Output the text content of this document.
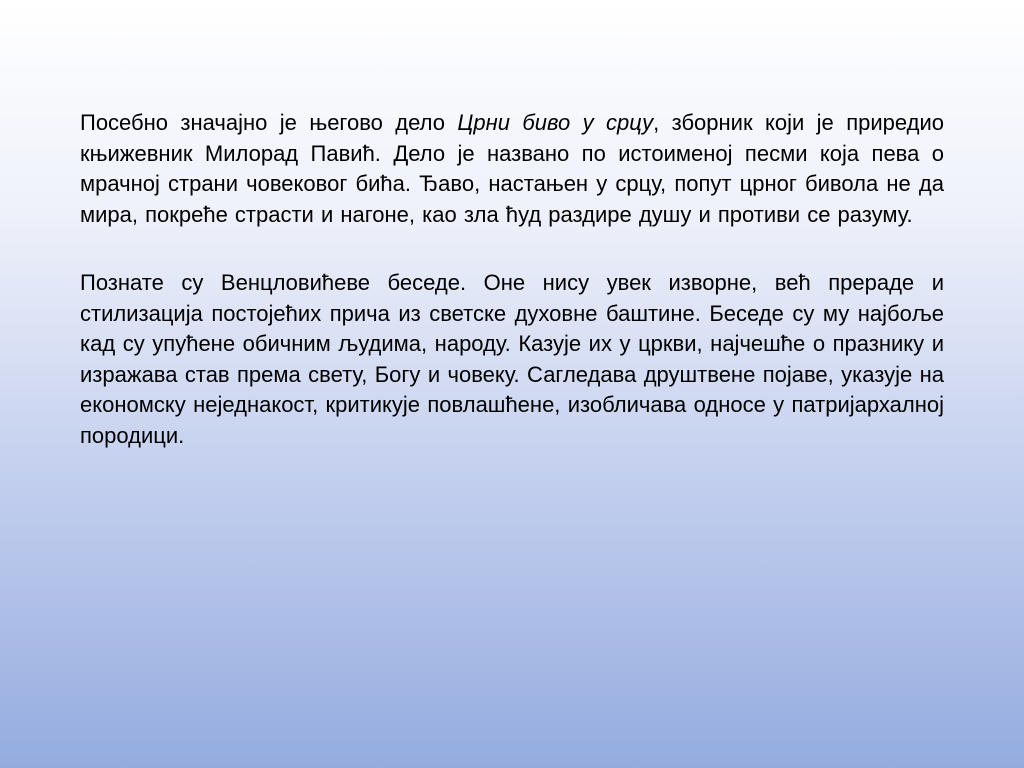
Посебно значајно је његово дело Црни биво у срцу, зборник који је приредио књижевник Милорад Павић. Дело је названо по истоименој песми која пева о мрачној страни човековог бића. Ђаво, настањен у срцу, попут црног бивола не да мира, покреће страсти и нагоне, као зла ћуд раздире душу и противи се разуму.

Познате су Венцловићеве беседе. Оне нису увек изворне, већ прераде и стилизација постојећих прича из светске духовне баштине. Беседе су му најбоље кад су упућене обичним људима, народу. Казује их у цркви, најчешће о празнику и изражава став према свету, Богу и човеку. Сагледава друштвене појаве, указује на економску неједнакост, критикује повлашћене, изобличава односе у патријархалној породици.
